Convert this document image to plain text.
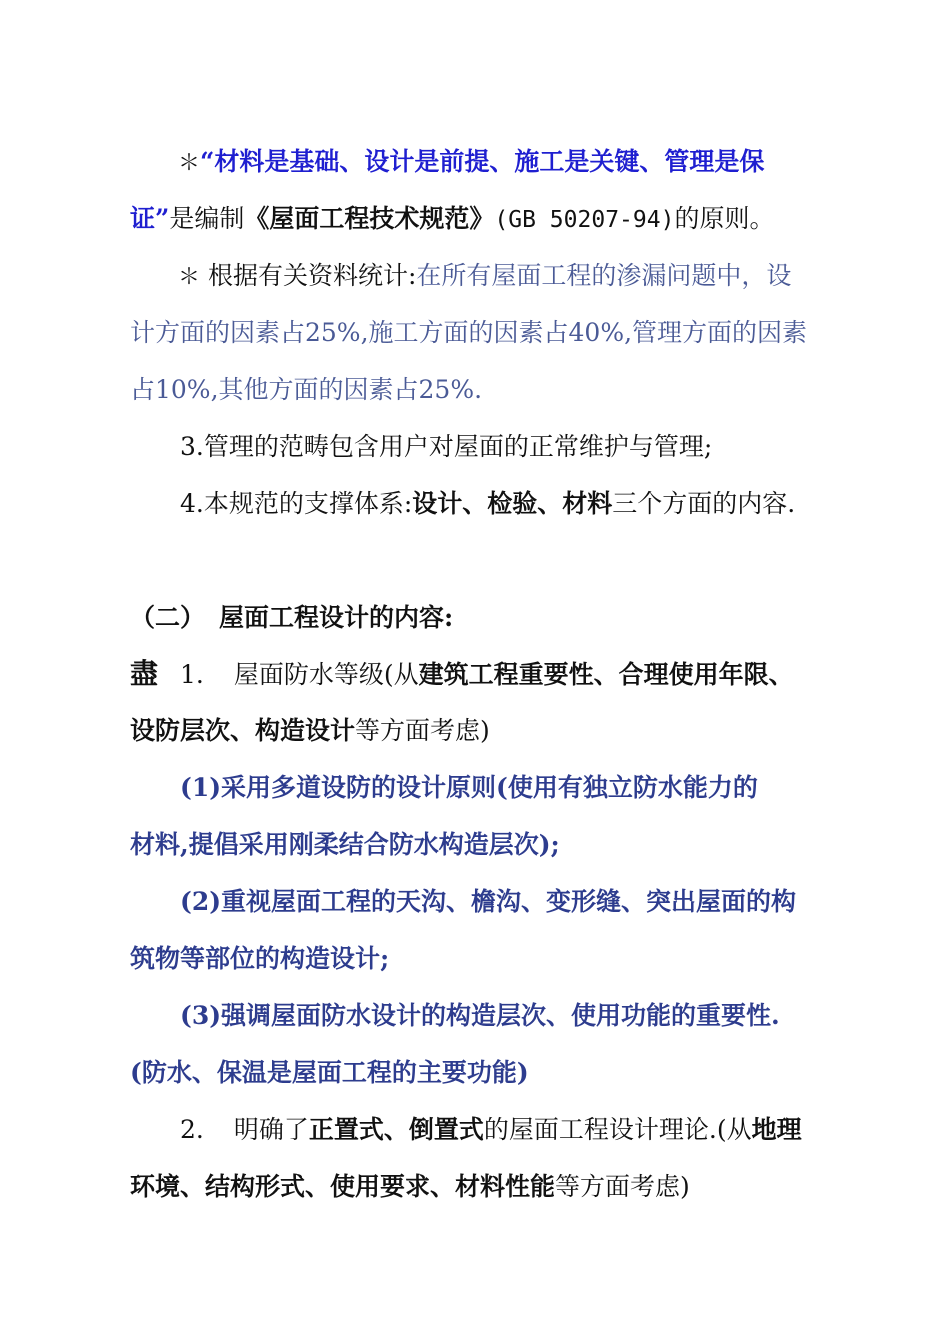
＊“材料是基础、设计是前提、施工是关键、管理是保
证”是编制《屋面工程技术规范》(GB 50207-94)的原则。
＊ 根据有关资料统计:在所有屋面工程的渗漏问题中，设
计方面的因素占25%,施工方面的因素占40%,管理方面的因素
占10%,其他方面的因素占25%.
3.管理的范畴包含用户对屋面的正常维护与管理;
4.本规范的支撑体系:设计、检验、材料三个方面的内容.
（二） 屋面工程设计的内容:
盡 1. 屋面防水等级(从建筑工程重要性、合理使用年限、
设防层次、构造设计等方面考虑)
(1)采用多道设防的设计原则(使用有独立防水能力的
材料,提倡采用刚柔结合防水构造层次);
(2)重视屋面工程的天沟、檐沟、变形缝、突出屋面的构
筑物等部位的构造设计;
(3)强调屋面防水设计的构造层次、使用功能的重要性.
(防水、保温是屋面工程的主要功能)
2. 明确了正置式、倒置式的屋面工程设计理论.(从地理
环境、结构形式、使用要求、材料性能等方面考虑)
